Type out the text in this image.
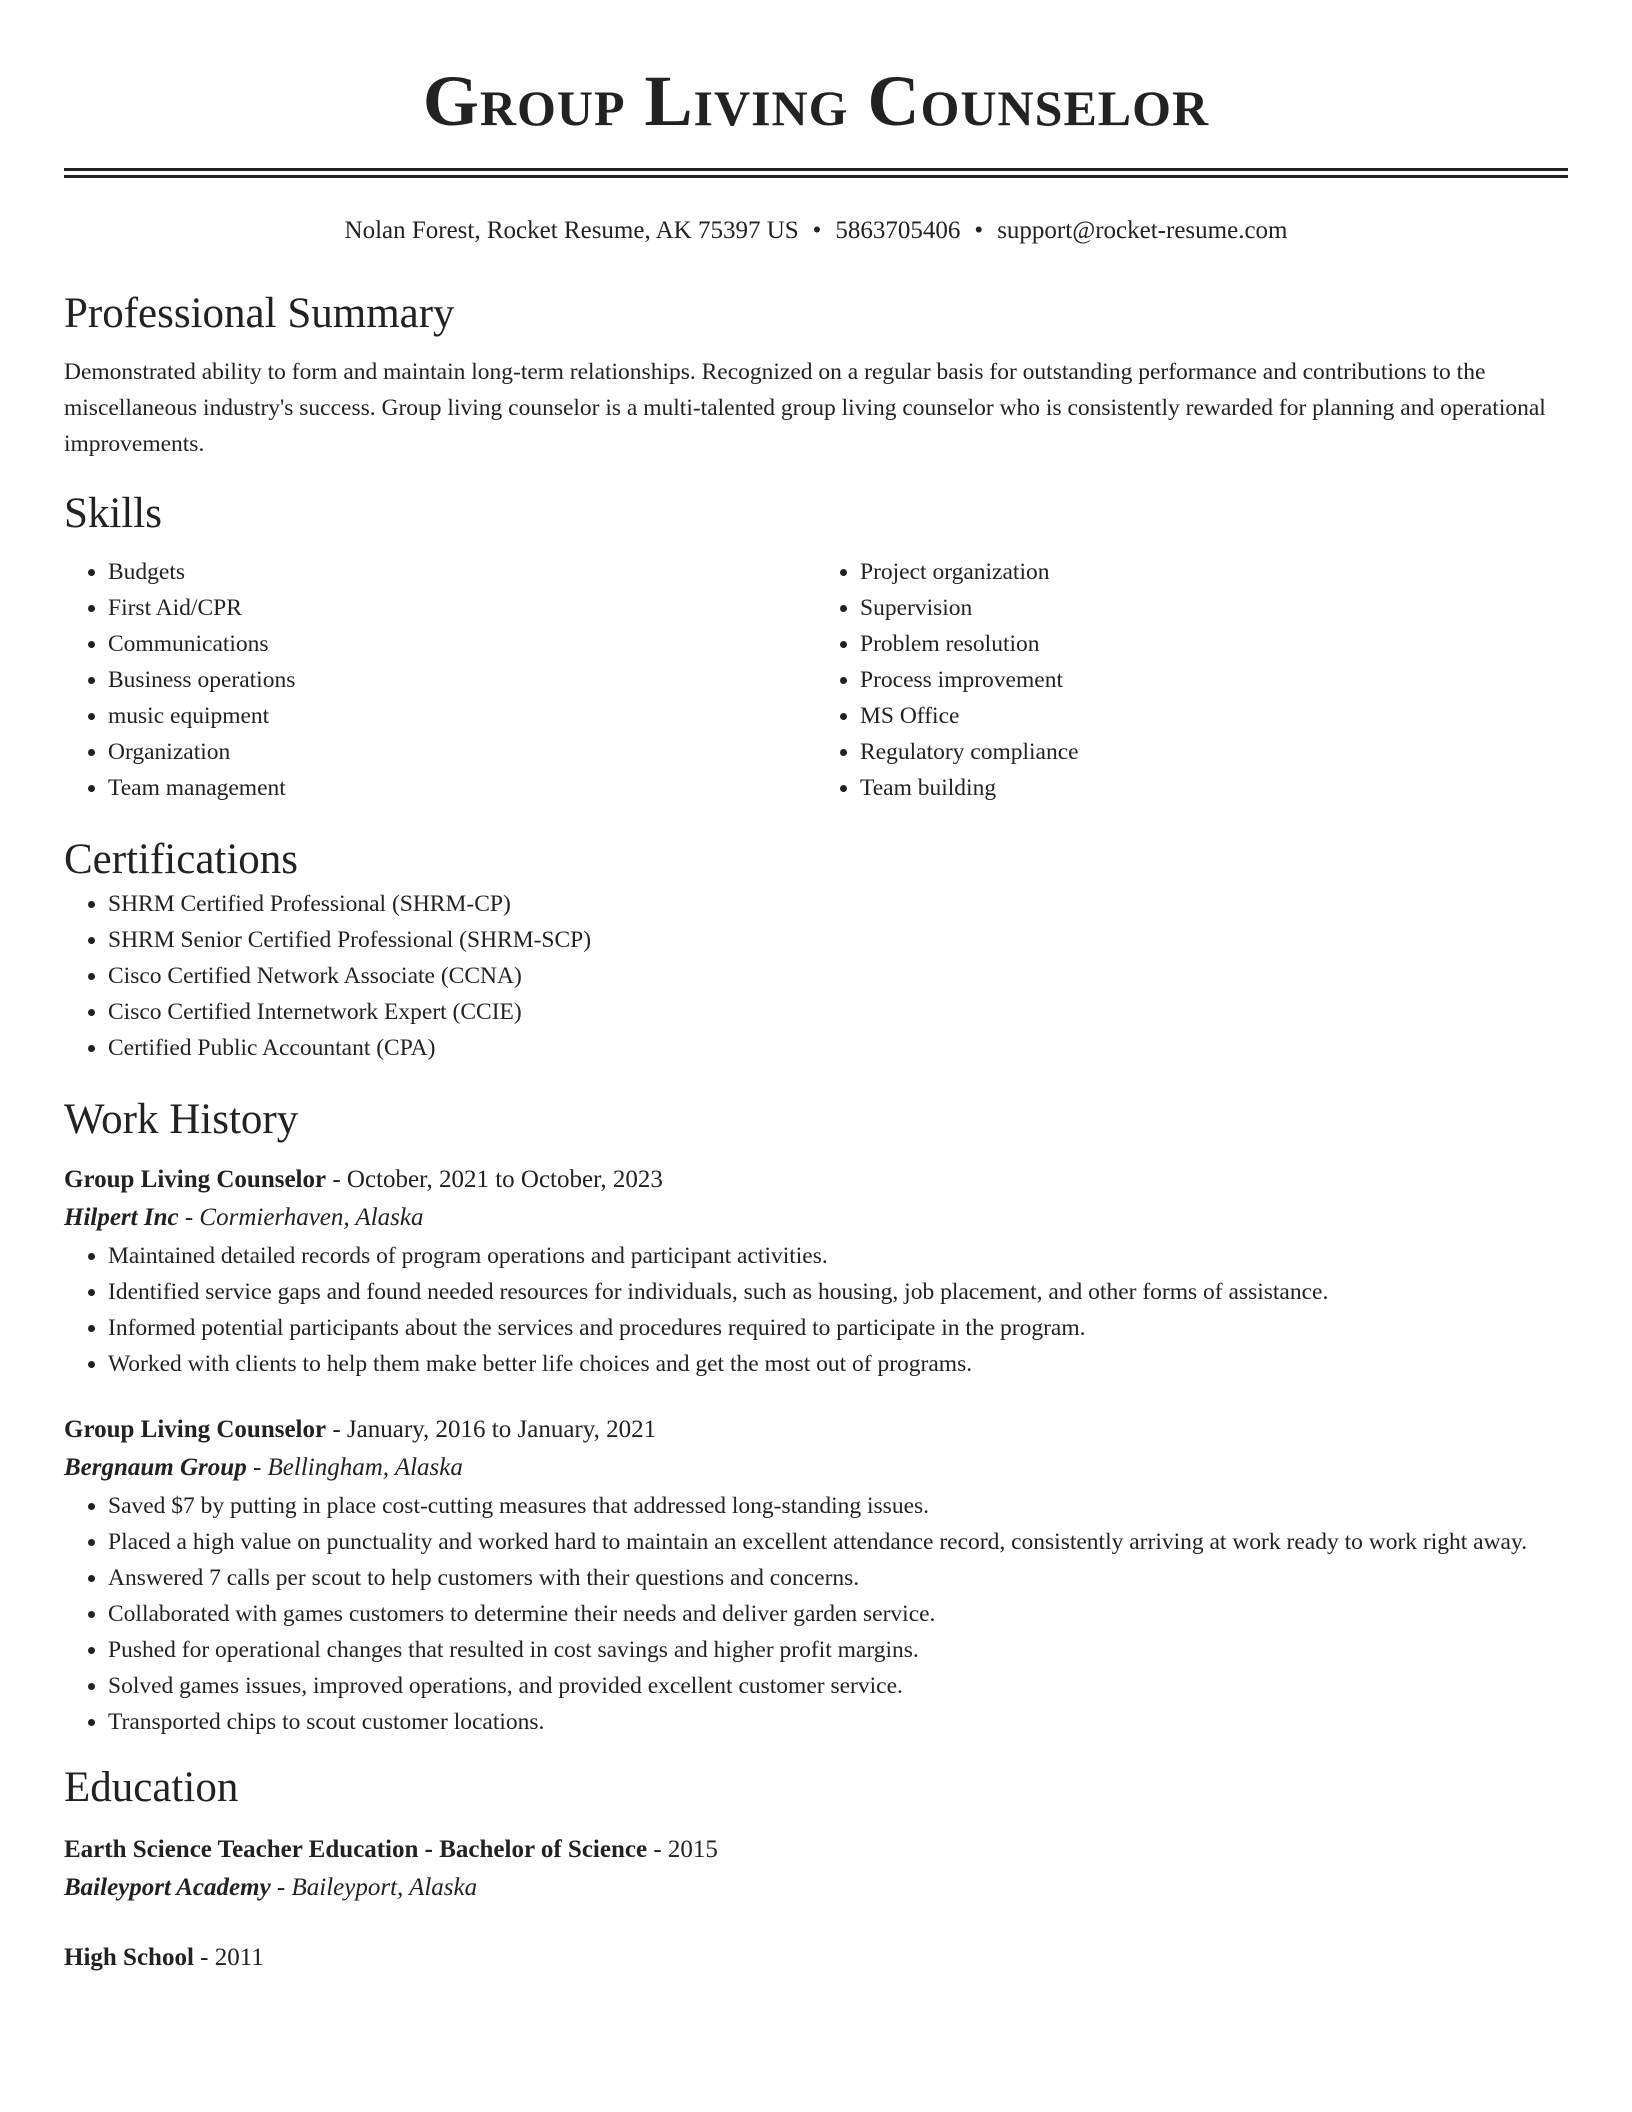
Group Living Counselor
Nolan Forest, Rocket Resume, AK 75397 US • 5863705406 • support@rocket-resume.com
Professional Summary

Demonstrated ability to form and maintain long-term relationships. Recognized on a regular basis for outstanding performance and contributions to the miscellaneous industry's success. Group living counselor is a multi-talented group living counselor who is consistently rewarded for planning and operational improvements.

Skills
• Budgets
• First Aid/CPR
• Communications
• Business operations
• music equipment
• Organization
• Team management
• Project organization
• Supervision
• Problem resolution
• Process improvement
• MS Office
• Regulatory compliance
• Team building
Certifications
• SHRM Certified Professional (SHRM-CP)
• SHRM Senior Certified Professional (SHRM-SCP)
• Cisco Certified Network Associate (CCNA)
• Cisco Certified Internetwork Expert (CCIE)
• Certified Public Accountant (CPA)
Work History
Group Living Counselor - October, 2021 to October, 2023
Hilpert Inc - Cormierhaven, Alaska
• Maintained detailed records of program operations and participant activities.
• Identified service gaps and found needed resources for individuals, such as housing, job placement, and other forms of assistance.
• Informed potential participants about the services and procedures required to participate in the program.
• Worked with clients to help them make better life choices and get the most out of programs.
Group Living Counselor - January, 2016 to January, 2021
Bergnaum Group - Bellingham, Alaska
• Saved $7 by putting in place cost-cutting measures that addressed long-standing issues.
• Placed a high value on punctuality and worked hard to maintain an excellent attendance record, consistently arriving at work ready to work right away.
• Answered 7 calls per scout to help customers with their questions and concerns.
• Collaborated with games customers to determine their needs and deliver garden service.
• Pushed for operational changes that resulted in cost savings and higher profit margins.
• Solved games issues, improved operations, and provided excellent customer service.
• Transported chips to scout customer locations.
Education
Earth Science Teacher Education - Bachelor of Science - 2015
Baileyport Academy - Baileyport, Alaska
High School - 2011
